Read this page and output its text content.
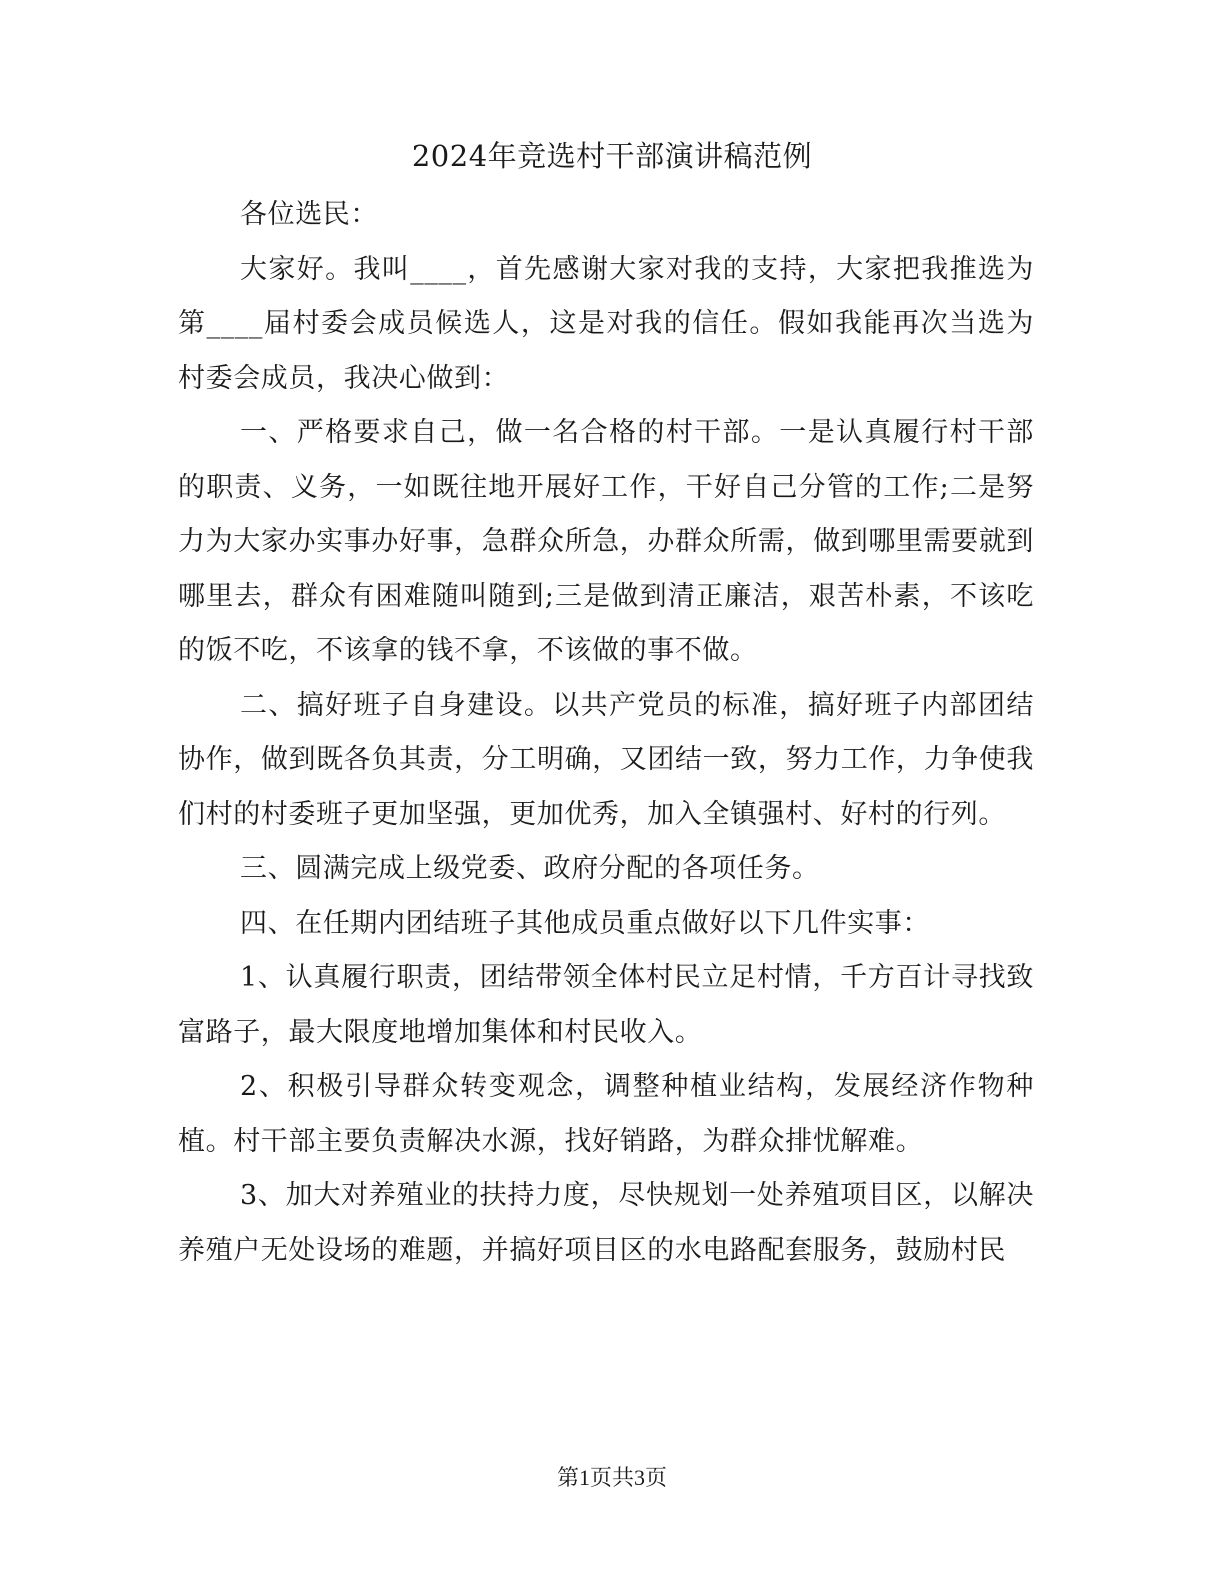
2024年竞选村干部演讲稿范例

各位选民：

大家好。我叫____，首先感谢大家对我的支持，大家把我推选为第____届村委会成员候选人，这是对我的信任。假如我能再次当选为村委会成员，我决心做到：

一、严格要求自己，做一名合格的村干部。一是认真履行村干部的职责、义务，一如既往地开展好工作，干好自己分管的工作;二是努力为大家办实事办好事，急群众所急，办群众所需，做到哪里需要就到哪里去，群众有困难随叫随到;三是做到清正廉洁，艰苦朴素，不该吃的饭不吃，不该拿的钱不拿，不该做的事不做。

二、搞好班子自身建设。以共产党员的标准，搞好班子内部团结协作，做到既各负其责，分工明确，又团结一致，努力工作，力争使我们村的村委班子更加坚强，更加优秀，加入全镇强村、好村的行列。

三、圆满完成上级党委、政府分配的各项任务。

四、在任期内团结班子其他成员重点做好以下几件实事：

1、认真履行职责，团结带领全体村民立足村情，千方百计寻找致富路子，最大限度地增加集体和村民收入。

2、积极引导群众转变观念，调整种植业结构，发展经济作物种植。村干部主要负责解决水源，找好销路，为群众排忧解难。

3、加大对养殖业的扶持力度，尽快规划一处养殖项目区，以解决养殖户无处设场的难题，并搞好项目区的水电路配套服务，鼓励村民

第1页共3页
